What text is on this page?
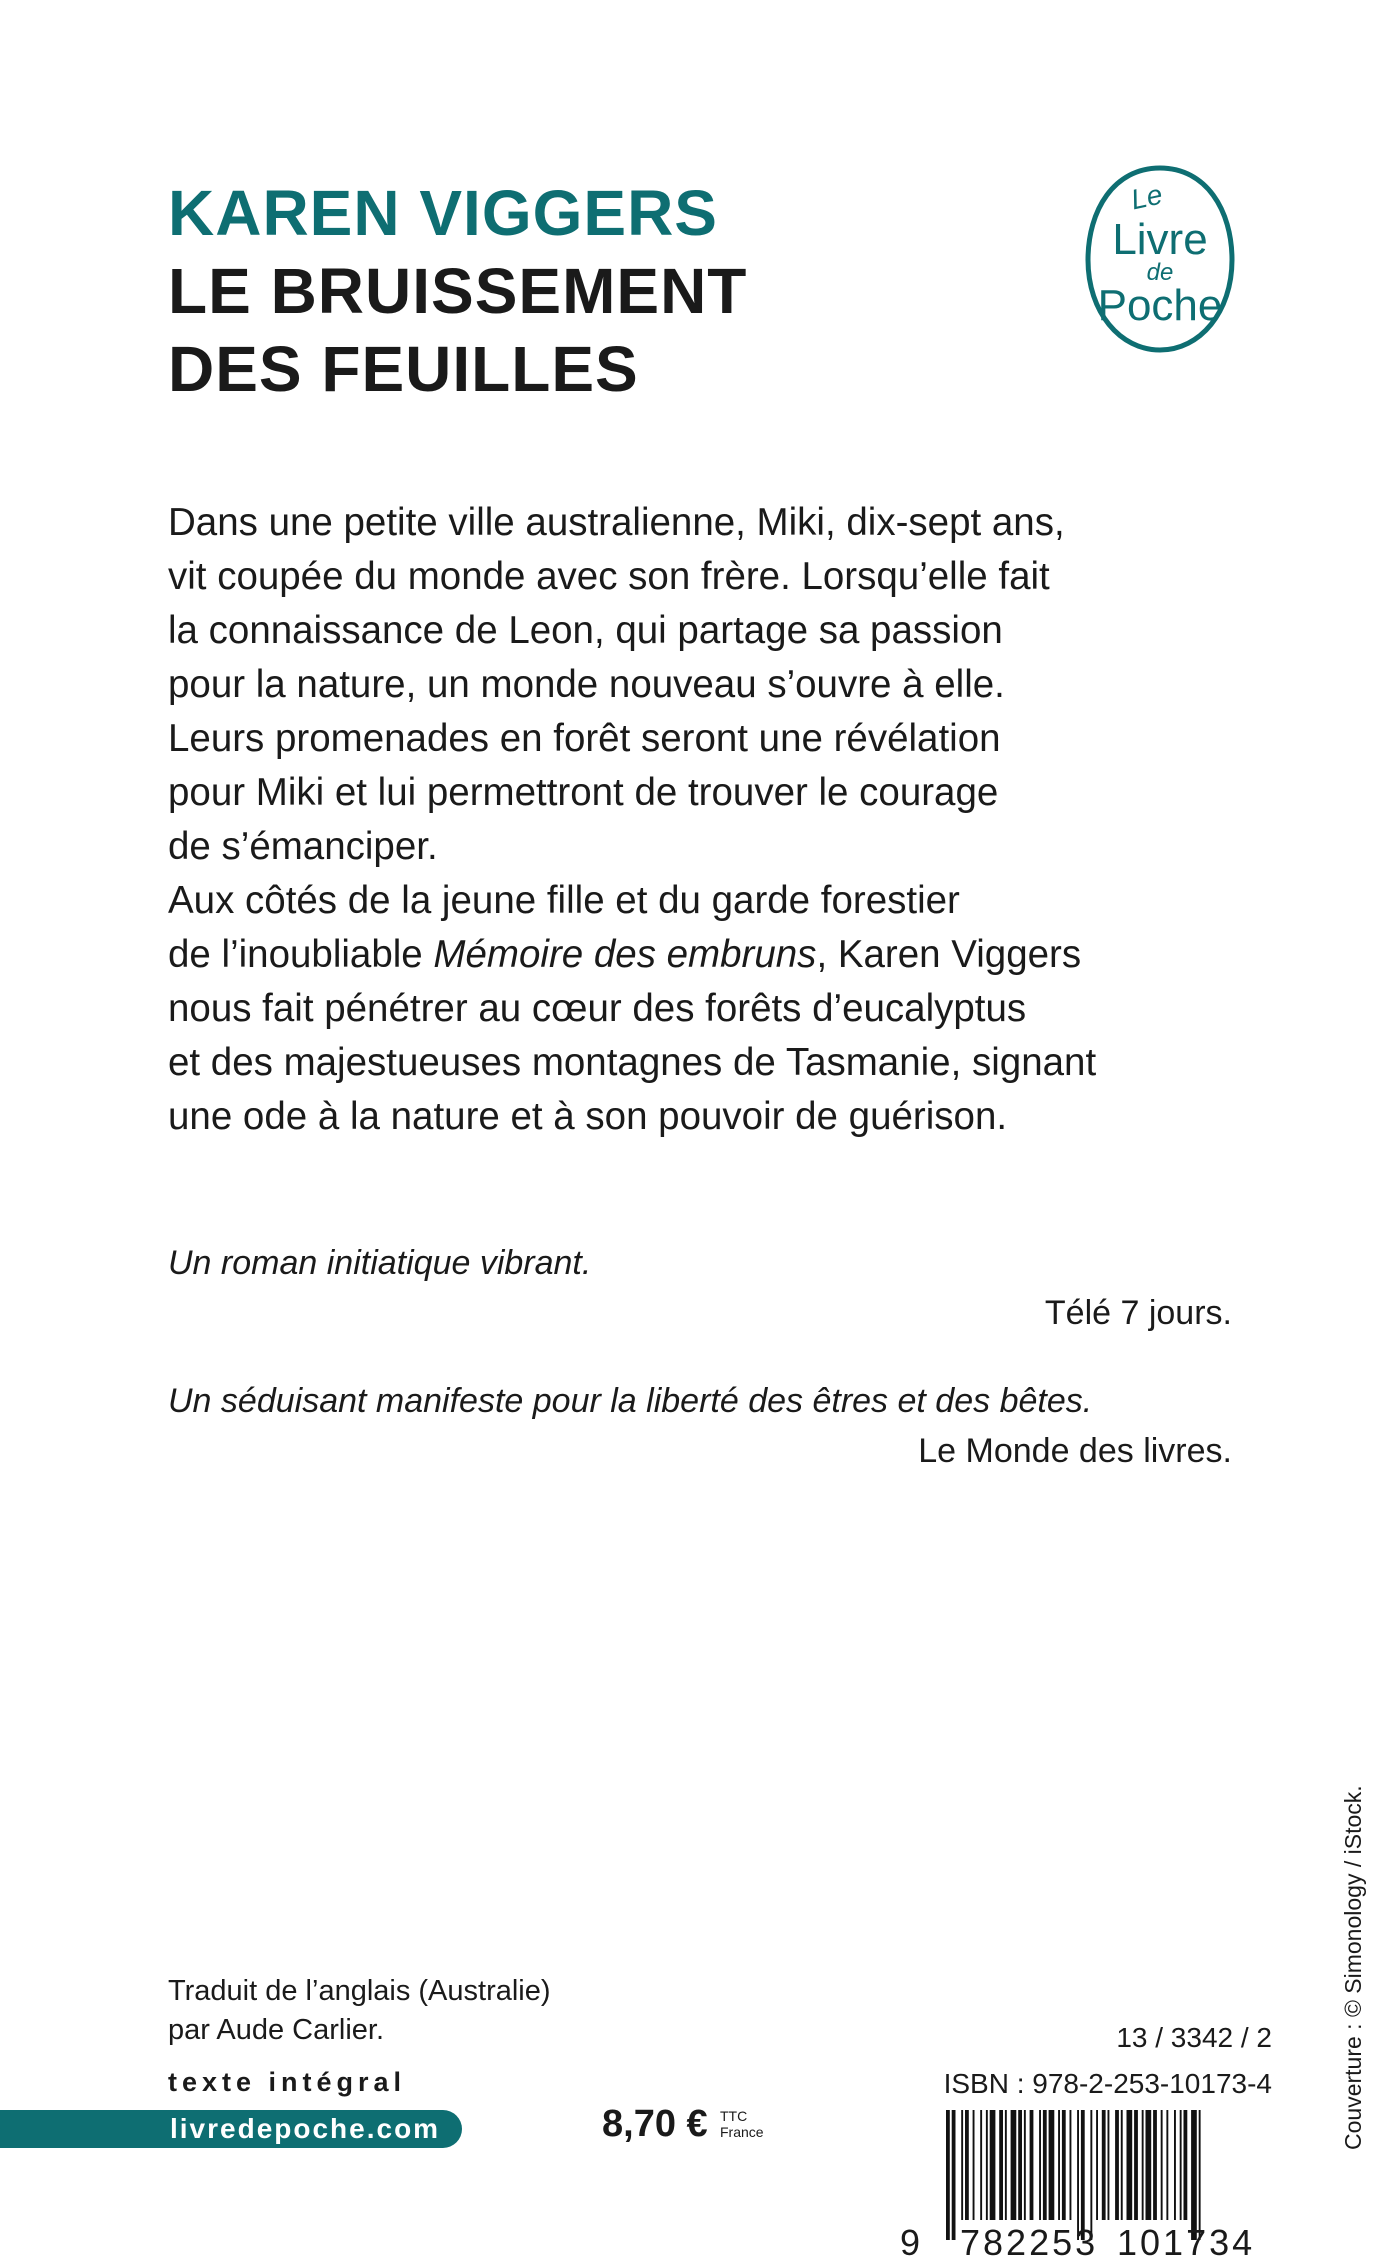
KAREN VIGGERS
LE BRUISSEMENT
DES FEUILLES
Le
Livre
de
Poche
Dans une petite ville australienne, Miki, dix-sept ans,
vit coupée du monde avec son frère. Lorsqu’elle fait
la connaissance de Leon, qui partage sa passion
pour la nature, un monde nouveau s’ouvre à elle.
Leurs promenades en forêt seront une révélation
pour Miki et lui permettront de trouver le courage
de s’émanciper.
Aux côtés de la jeune fille et du garde forestier
de l’inoubliable Mémoire des embruns, Karen Viggers
nous fait pénétrer au cœur des forêts d’eucalyptus
et des majestueuses montagnes de Tasmanie, signant
une ode à la nature et à son pouvoir de guérison.
Un roman initiatique vibrant.
Télé 7 jours.
Un séduisant manifeste pour la liberté des êtres et des bêtes.
Le Monde des livres.
Couverture : © Simonology / iStock.
Traduit de l’anglais (Australie)
par Aude Carlier.
texte intégral
livredepoche.com	8,70 € TTC
France
13 / 3342 / 2
ISBN : 978-2-253-10173-4
9 782253 101734
